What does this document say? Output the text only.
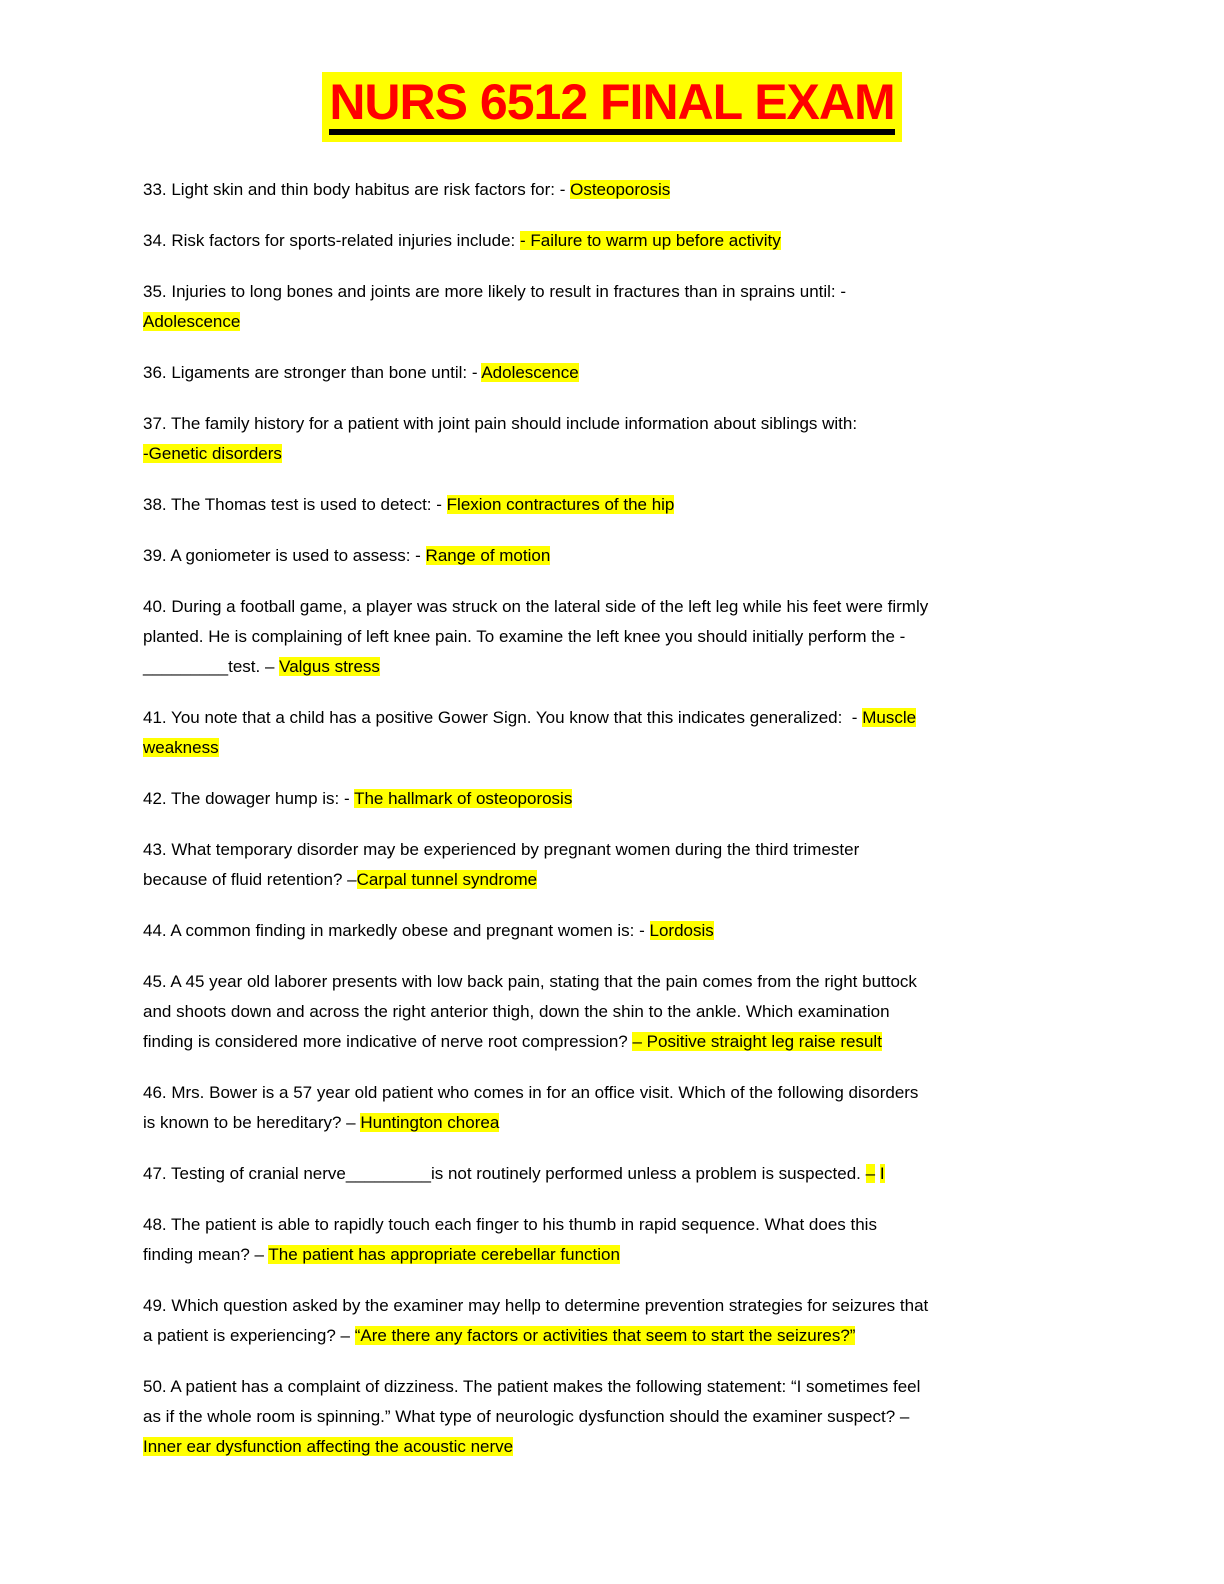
NURS 6512 FINAL EXAM

33. Light skin and thin body habitus are risk factors for: - Osteoporosis

34. Risk factors for sports-related injuries include: - Failure to warm up before activity

35. Injuries to long bones and joints are more likely to result in fractures than in sprains until: -
Adolescence

36. Ligaments are stronger than bone until: - Adolescence

37. The family history for a patient with joint pain should include information about siblings with:
-Genetic disorders

38. The Thomas test is used to detect: - Flexion contractures of the hip

39. A goniometer is used to assess: - Range of motion

40. During a football game, a player was struck on the lateral side of the left leg while his feet were firmly
planted. He is complaining of left knee pain. To examine the left knee you should initially perform the -
_________test. – Valgus stress

41. You note that a child has a positive Gower Sign. You know that this indicates generalized:  - Muscle
weakness

42. The dowager hump is: - The hallmark of osteoporosis

43. What temporary disorder may be experienced by pregnant women during the third trimester
because of fluid retention? –Carpal tunnel syndrome

44. A common finding in markedly obese and pregnant women is: - Lordosis

45. A 45 year old laborer presents with low back pain, stating that the pain comes from the right buttock
and shoots down and across the right anterior thigh, down the shin to the ankle. Which examination
finding is considered more indicative of nerve root compression? – Positive straight leg raise result

46. Mrs. Bower is a 57 year old patient who comes in for an office visit. Which of the following disorders
is known to be hereditary? – Huntington chorea

47. Testing of cranial nerve_________is not routinely performed unless a problem is suspected. – I

48. The patient is able to rapidly touch each finger to his thumb in rapid sequence. What does this
finding mean? – The patient has appropriate cerebellar function

49. Which question asked by the examiner may hellp to determine prevention strategies for seizures that
a patient is experiencing? – “Are there any factors or activities that seem to start the seizures?”

50. A patient has a complaint of dizziness. The patient makes the following statement: “I sometimes feel
as if the whole room is spinning.” What type of neurologic dysfunction should the examiner suspect? –
Inner ear dysfunction affecting the acoustic nerve
